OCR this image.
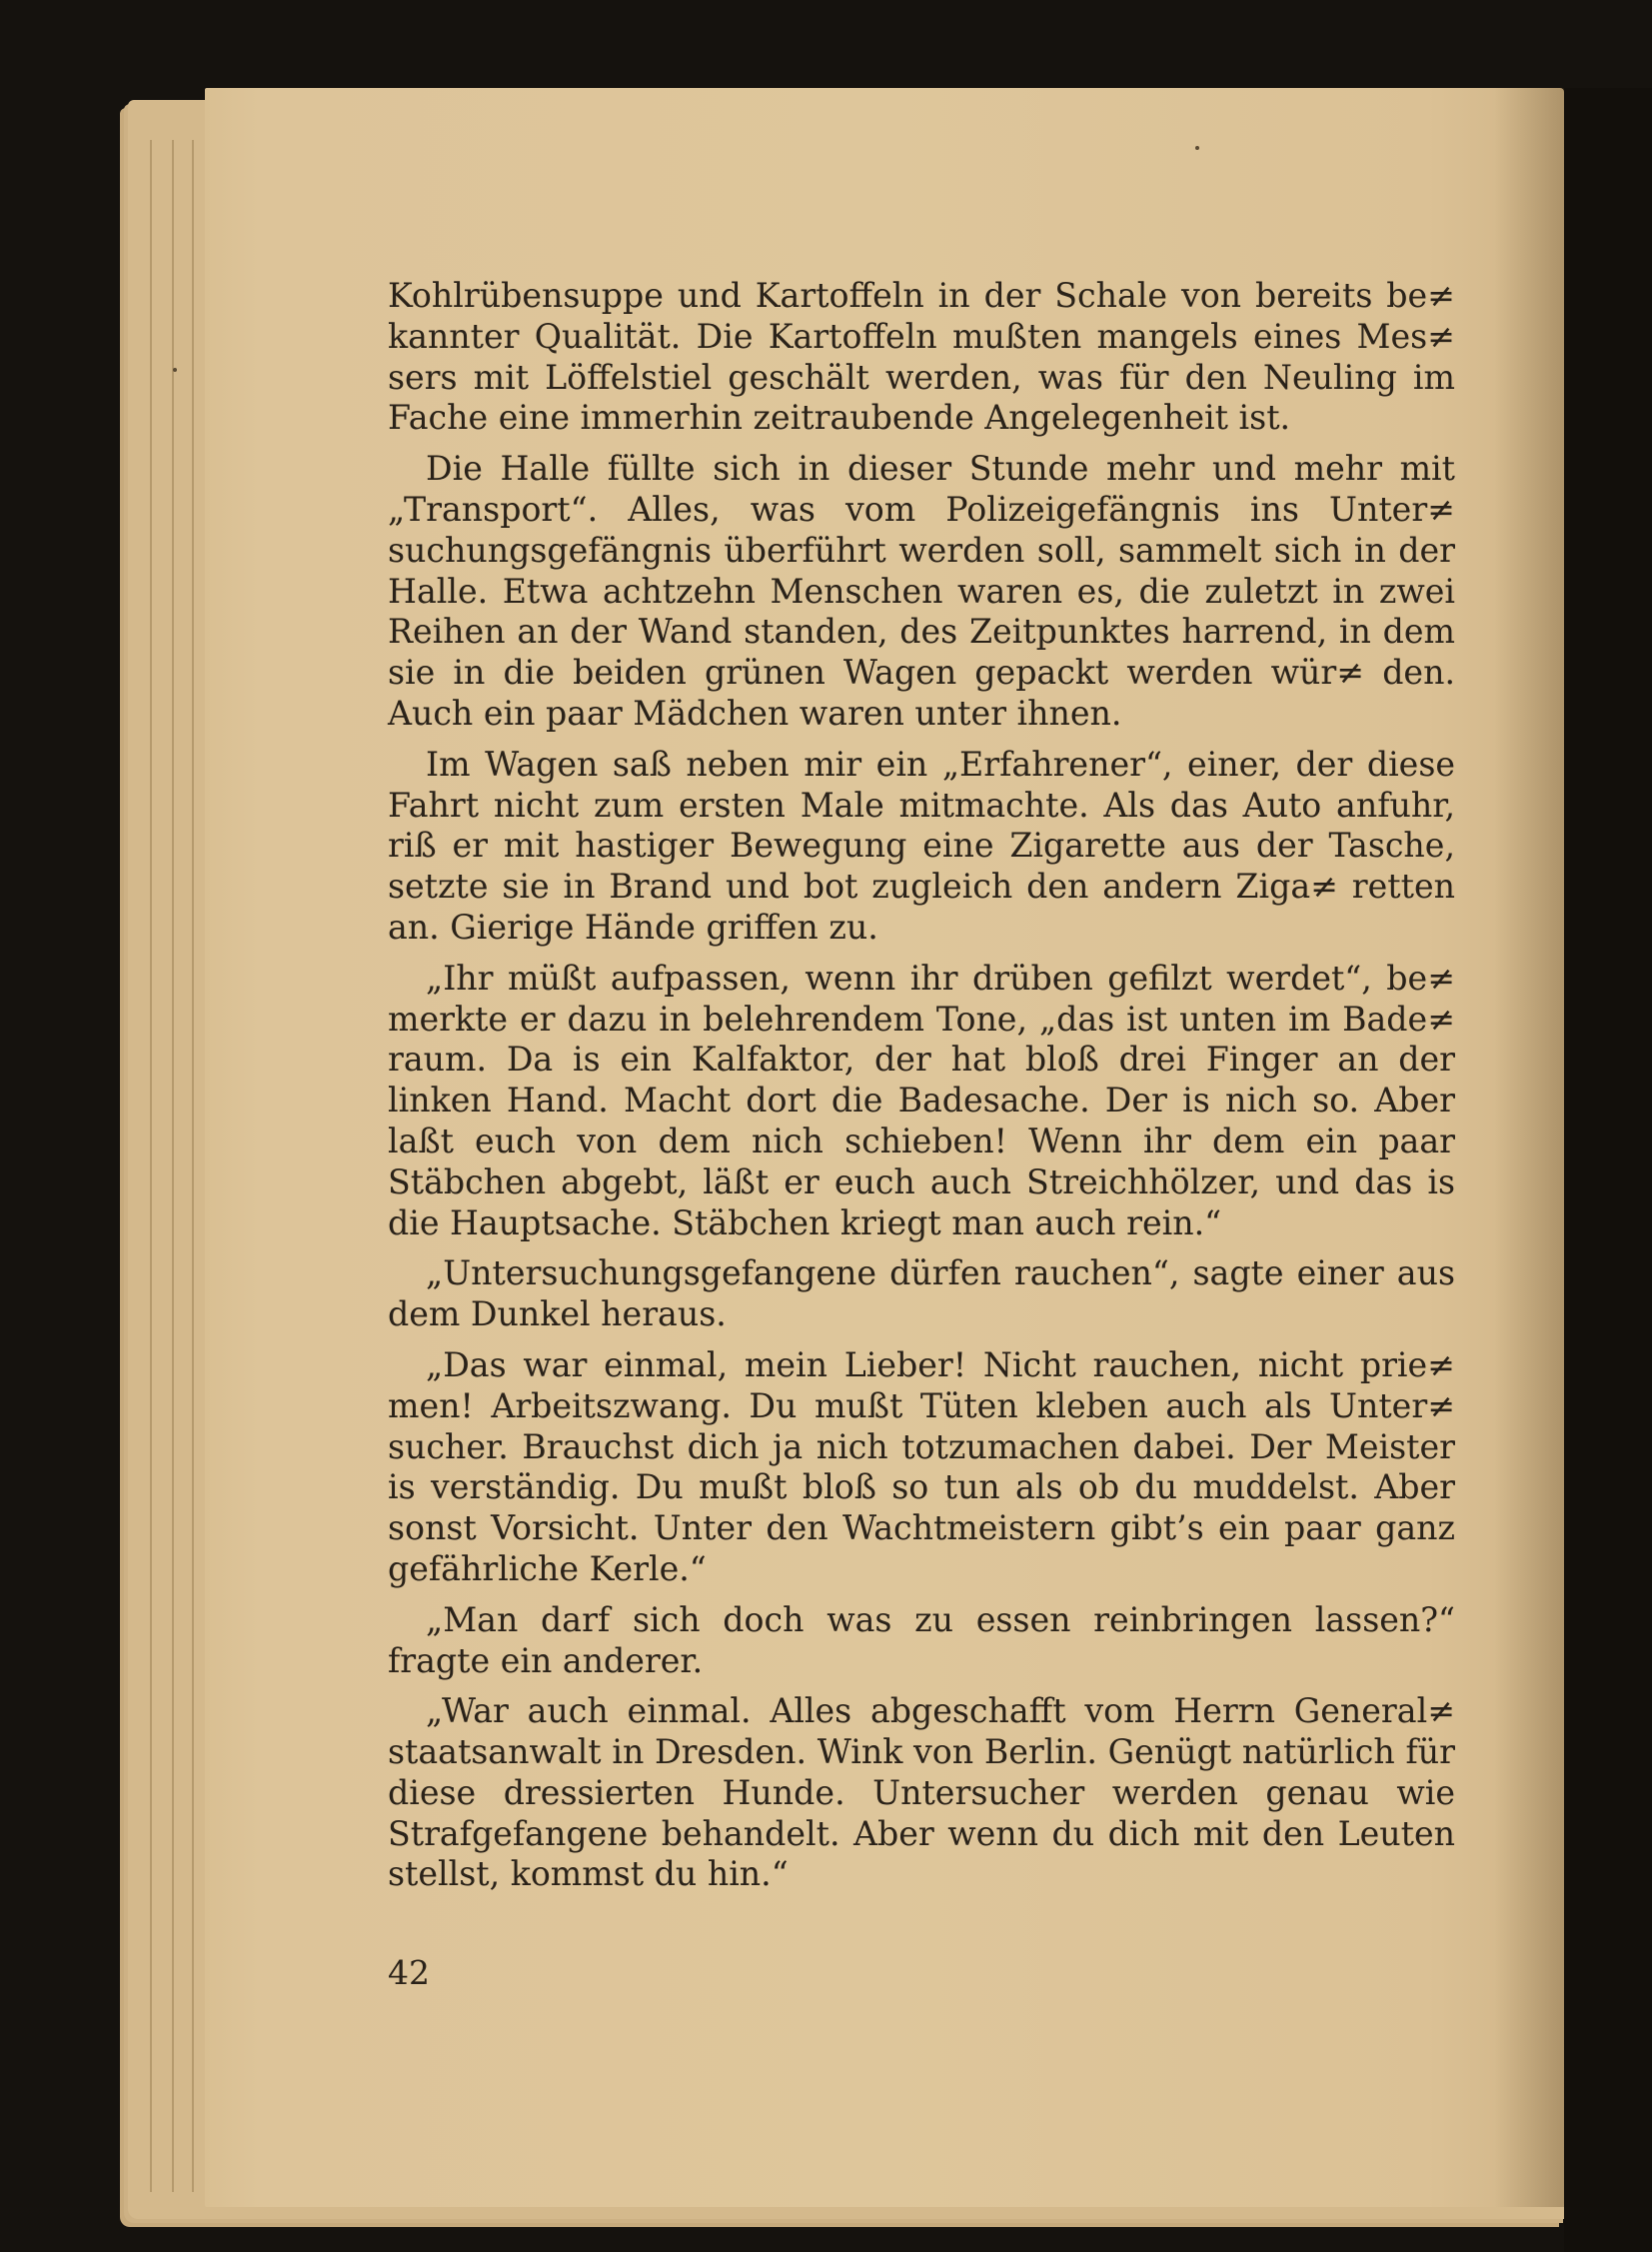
Kohlrübensuppe und Kartoffeln in der Schale von bereits be≠ kannter Qualität. Die Kartoffeln mußten mangels eines Mes≠ sers mit Löffelstiel geschält werden, was für den Neuling im Fache eine immerhin zeitraubende Angelegenheit ist.

Die Halle füllte sich in dieser Stunde mehr und mehr mit „Transport“. Alles, was vom Polizeigefängnis ins Unter≠ suchungsgefängnis überführt werden soll, sammelt sich in der Halle. Etwa achtzehn Menschen waren es, die zuletzt in zwei Reihen an der Wand standen, des Zeitpunktes harrend, in dem sie in die beiden grünen Wagen gepackt werden wür≠ den. Auch ein paar Mädchen waren unter ihnen.

Im Wagen saß neben mir ein „Erfahrener“, einer, der diese Fahrt nicht zum ersten Male mitmachte. Als das Auto anfuhr, riß er mit hastiger Bewegung eine Zigarette aus der Tasche, setzte sie in Brand und bot zugleich den andern Ziga≠ retten an. Gierige Hände griffen zu.

„Ihr müßt aufpassen, wenn ihr drüben gefilzt werdet“, be≠ merkte er dazu in belehrendem Tone, „das ist unten im Bade≠ raum. Da is ein Kalfaktor, der hat bloß drei Finger an der linken Hand. Macht dort die Badesache. Der is nich so. Aber laßt euch von dem nich schieben! Wenn ihr dem ein paar Stäbchen abgebt, läßt er euch auch Streichhölzer, und das is die Hauptsache. Stäbchen kriegt man auch rein.“

„Untersuchungsgefangene dürfen rauchen“, sagte einer aus dem Dunkel heraus.

„Das war einmal, mein Lieber! Nicht rauchen, nicht prie≠ men! Arbeitszwang. Du mußt Tüten kleben auch als Unter≠ sucher. Brauchst dich ja nich totzumachen dabei. Der Meister is verständig. Du mußt bloß so tun als ob du muddelst. Aber sonst Vorsicht. Unter den Wachtmeistern gibt’s ein paar ganz gefährliche Kerle.“

„Man darf sich doch was zu essen reinbringen lassen?“ fragte ein anderer.

„War auch einmal. Alles abgeschafft vom Herrn General≠ staatsanwalt in Dresden. Wink von Berlin. Genügt natürlich für diese dressierten Hunde. Untersucher werden genau wie Strafgefangene behandelt. Aber wenn du dich mit den Leuten stellst, kommst du hin.“

42
